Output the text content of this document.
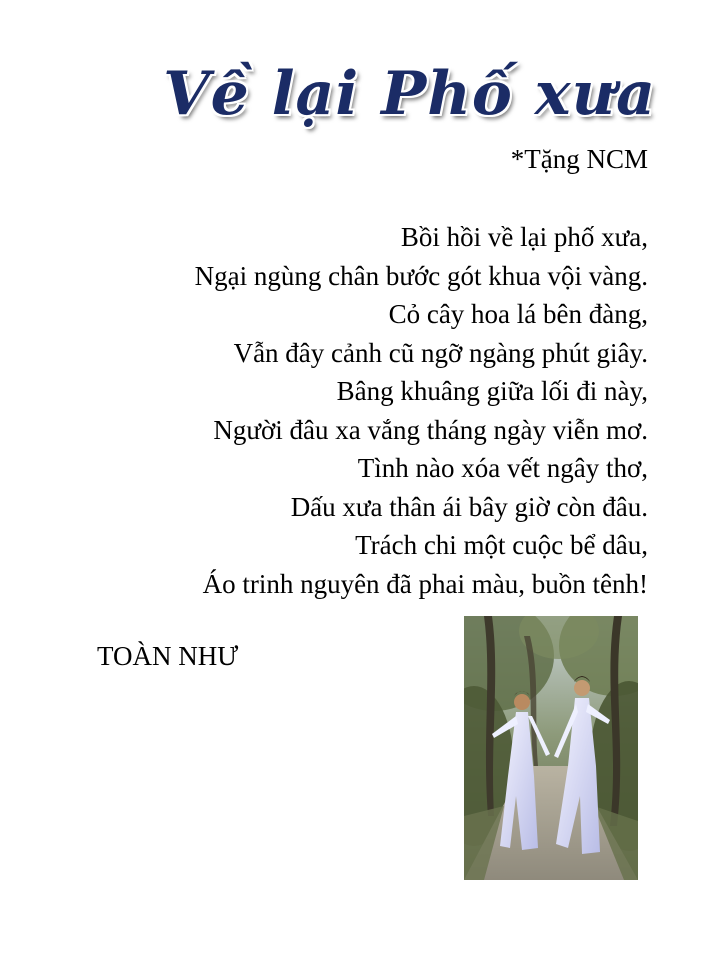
Về lại Phố xưa
*Tặng NCM
Bồi hồi về lại phố xưa,
Ngại ngùng chân bước gót khua vội vàng.
Cỏ cây hoa lá bên đàng,
Vẫn đây cảnh cũ ngỡ ngàng phút giây.
Bâng khuâng giữa lối đi này,
Người đâu xa vắng tháng ngày viễn mơ.
Tình nào xóa vết ngây thơ,
Dấu xưa thân ái bây giờ còn đâu.
Trách chi một cuộc bể dâu,
Áo trinh nguyên đã phai màu, buồn tênh!
TOÀN NHƯ
